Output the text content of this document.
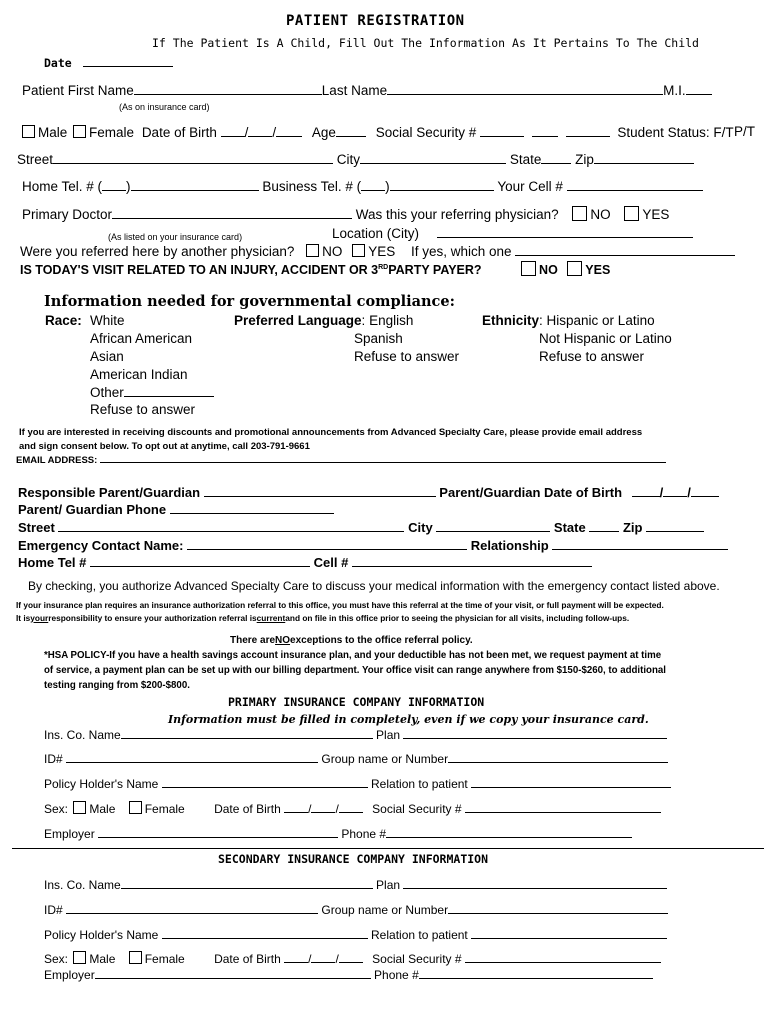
PATIENT REGISTRATION
If The Patient Is A Child, Fill Out The Information As It Pertains To The Child
Date
Patient First Name	Last Name	M.I.
(As on insurance card)
Male Female Date of Birth / /	Age	Social Security #	Student Status: F/T P/T
Street	City	State	Zip
Home Tel. # ( )	Business Tel. # ( )	Your Cell #
Primary Doctor	Was this your referring physician? NO YES
(As listed on your insurance card)	Location (City)
Were you referred here by another physician? NO YES If yes, which one
IS TODAY'S VISIT RELATED TO AN INJURY, ACCIDENT OR 3RDPARTY PAYER?	NO YES
Information needed for governmental compliance:
Race: White
African American
Asian
American Indian
Other
Refuse to answer
Preferred Language: English
Spanish
Refuse to answer
Ethnicity: Hispanic or Latino
Not Hispanic or Latino
Refuse to answer
If you are interested in receiving discounts and promotional announcements from Advanced Specialty Care, please provide email address
and sign consent below. To opt out at anytime, call 203-791-9661
EMAIL ADDRESS:
Responsible Parent/Guardian	Parent/Guardian Date of Birth	/ /
Parent/ Guardian Phone
Street	City	State	Zip
Emergency Contact Name:	Relationship
Home Tel #	Cell #
By checking, you authorize Advanced Specialty Care to discuss your medical information with the emergency contact listed above.
If your insurance plan requires an insurance authorization referral to this office, you must have this referral at the time of your visit, or full payment will be expected.
It isyourresponsibility to ensure your authorization referral iscurrentand on file in this office prior to seeing the physician for all visits, including follow-ups.
There areNOexceptions to the office referral policy.
*HSA POLICY-If you have a health savings account insurance plan, and your deductible has not been met, we request payment at time
of service, a payment plan can be set up with our billing department. Your office visit can range anywhere from $150-$260, to additional
testing ranging from $200-$800.
PRIMARY INSURANCE COMPANY INFORMATION
Information must be filled in completely, even if we copy your insurance card.
Ins. Co. Name	Plan
ID#	Group name or Number
Policy Holder's Name	Relation to patient
Sex: Male Female Date of Birth / /	Social Security #
Employer	Phone #
SECONDARY INSURANCE COMPANY INFORMATION
Ins. Co. Name	Plan
ID#	Group name or Number
Policy Holder's Name	Relation to patient
Sex: Male Female Date of Birth / /	Social Security #
Employer	Phone #
